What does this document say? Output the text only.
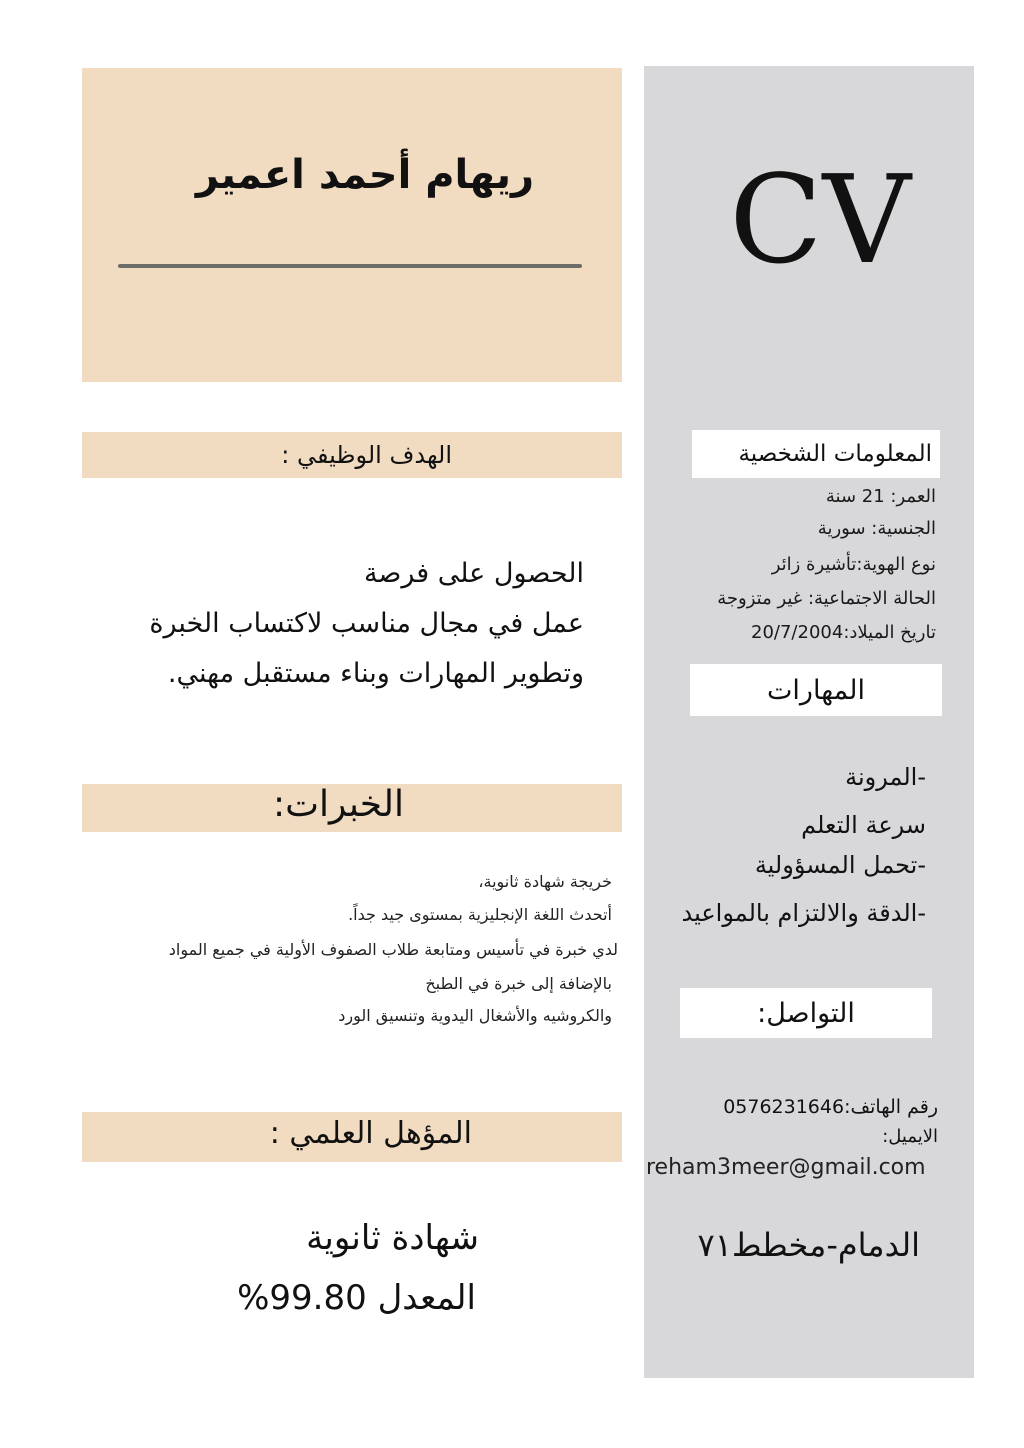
CV
المعلومات الشخصية
العمر: 21 سنة
الجنسية: سورية
نوع الهوية:تأشيرة زائر
الحالة الاجتماعية: غير متزوجة
تاريخ الميلاد:20/7/2004
المهارات
-المرونة
سرعة التعلم
-تحمل المسؤولية
-الدقة والالتزام بالمواعيد
التواصل:
رقم الهاتف:0576231646
الايميل:
reham3meer@gmail.com
الدمام-مخطط٧١
ريهام أحمد اعمير
الهدف الوظيفي :
الحصول على فرصة
عمل في مجال مناسب لاكتساب الخبرة
وتطوير المهارات وبناء مستقبل مهني.
الخبرات:
خريجة شهادة ثانوية،
أتحدث اللغة الإنجليزية بمستوى جيد جداً.
لدي خبرة في تأسيس ومتابعة طلاب الصفوف الأولية في جميع المواد
بالإضافة إلى خبرة في الطبخ
والكروشيه والأشغال اليدوية وتنسيق الورد
المؤهل العلمي :
شهادة ثانوية
المعدل 99.80%
